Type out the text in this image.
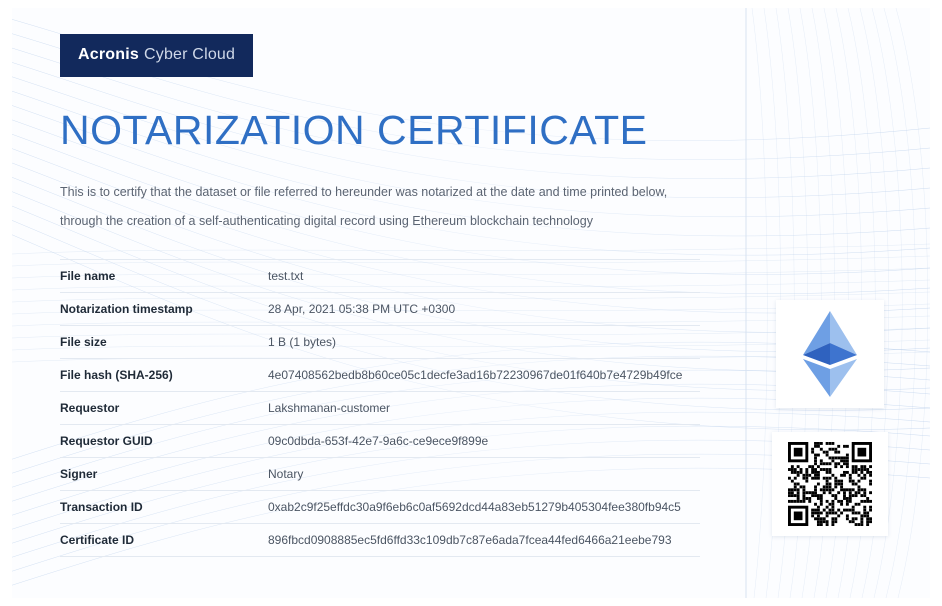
Acronis Cyber Cloud
NOTARIZATION CERTIFICATE
This is to certify that the dataset or file referred to hereunder was notarized at the date and time printed below,
through the creation of a self-authenticating digital record using Ethereum blockchain technology
File name	test.txt
Notarization timestamp	28 Apr, 2021 05:38 PM UTC +0300
File size	1 B (1 bytes)
File hash (SHA-256)	4e07408562bedb8b60ce05c1decfe3ad16b72230967de01f640b7e4729b49fce
Requestor	Lakshmanan-customer
Requestor GUID	09c0dbda-653f-42e7-9a6c-ce9ece9f899e
Signer	Notary
Transaction ID	0xab2c9f25effdc30a9f6eb6c0af5692dcd44a83eb51279b405304fee380fb94c5
Certificate ID	896fbcd0908885ec5fd6ffd33c109db7c87e6ada7fcea44fed6466a21eebe793
